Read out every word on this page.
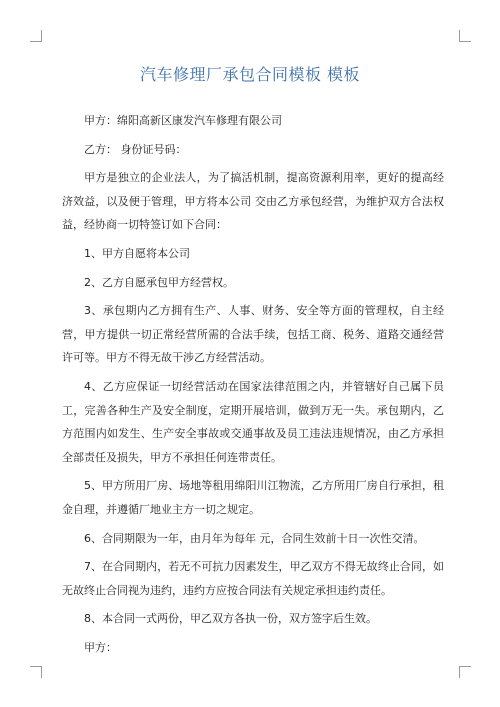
汽车修理厂承包合同模板 模板

甲方：绵阳高新区康发汽车修理有限公司

乙方： 身份证号码：

甲方是独立的企业法人，为了搞活机制，提高资源利用率，更好的提高经济效益，以及便于管理，甲方将本公司 交由乙方承包经营，为维护双方合法权益，经协商一切特签订如下合同：

1、甲方自愿将本公司

2、乙方自愿承包甲方经营权。

3、承包期内乙方拥有生产、人事、财务、安全等方面的管理权，自主经营，甲方提供一切正常经营所需的合法手续，包括工商、税务、道路交通经营许可等。甲方不得无故干涉乙方经营活动。

4、乙方应保证一切经营活动在国家法律范围之内，并管辖好自己属下员工，完善各种生产及安全制度，定期开展培训，做到万无一失。承包期内，乙方范围内如发生、生产安全事故或交通事故及员工违法违规情况，由乙方承担全部责任及损失，甲方不承担任何连带责任。

5、甲方所用厂房、场地等租用绵阳川江物流，乙方所用厂房自行承担，租金自理，并遵循厂地业主方一切之规定。

6、合同期限为一年，由月年为每年 元，合同生效前十日一次性交清。

7、在合同期内，若无不可抗力因素发生，甲乙双方不得无故终止合同，如无故终止合同视为违约，违约方应按合同法有关规定承担违约责任。

8、本合同一式两份，甲乙双方各执一份，双方签字后生效。

甲方：
